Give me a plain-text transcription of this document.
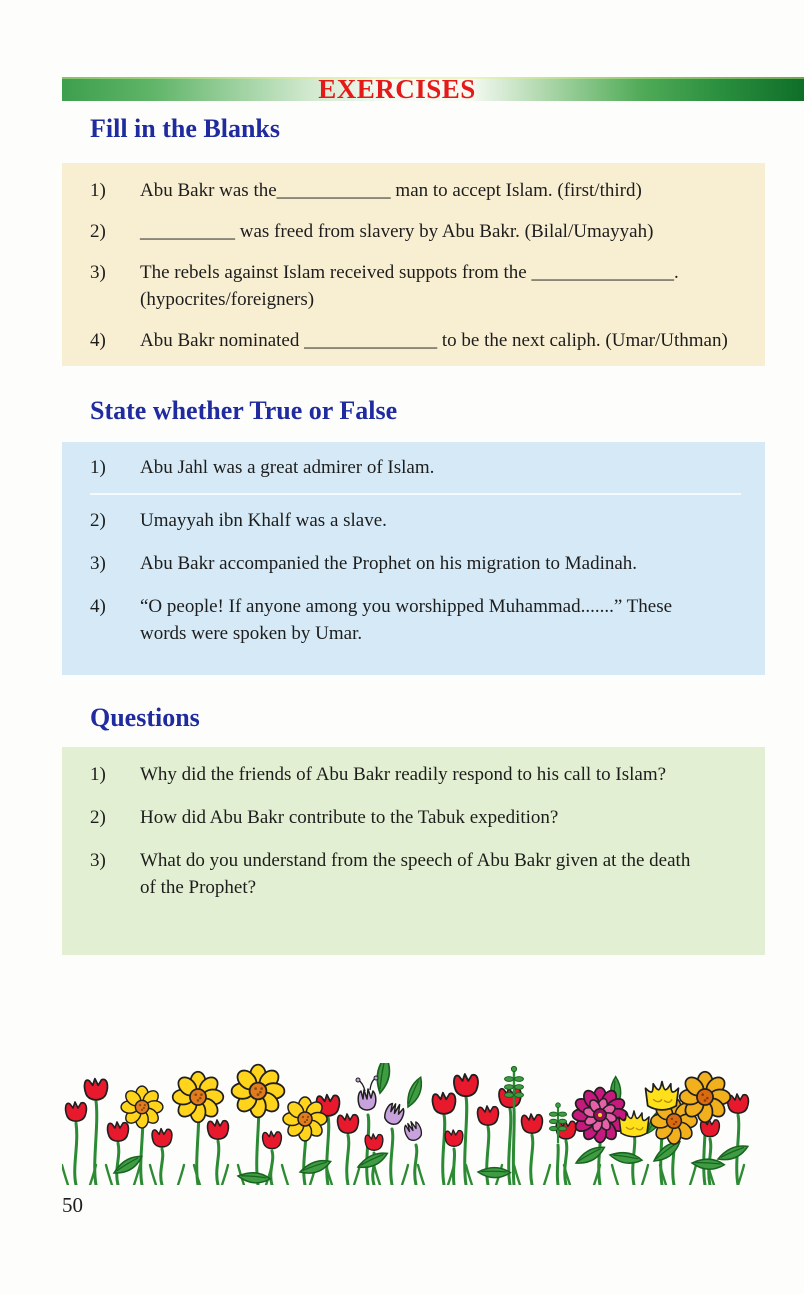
EXERCISES
Fill in the Blanks
1)	Abu Bakr was the____________ man to accept Islam. (first/third)
2)	__________ was freed from slavery by Abu Bakr. (Bilal/Umayyah)
3)	The rebels against Islam received suppots from the _______________.
(hypocrites/foreigners)
4)	Abu Bakr nominated ______________ to be the next caliph. (Umar/Uthman)
State whether True or False
1)	Abu Jahl was a great admirer of Islam.
2)	Umayyah ibn Khalf was a slave.
3)	Abu Bakr accompanied the Prophet on his migration to Madinah.
4)	“O people! If anyone among you worshipped Muhammad.......” These
words were spoken by Umar.
Questions
1)	Why did the friends of Abu Bakr readily respond to his call to Islam?
2)	How did Abu Bakr contribute to the Tabuk expedition?
3)	What do you understand from the speech of Abu Bakr given at the death
of the Prophet?
50
